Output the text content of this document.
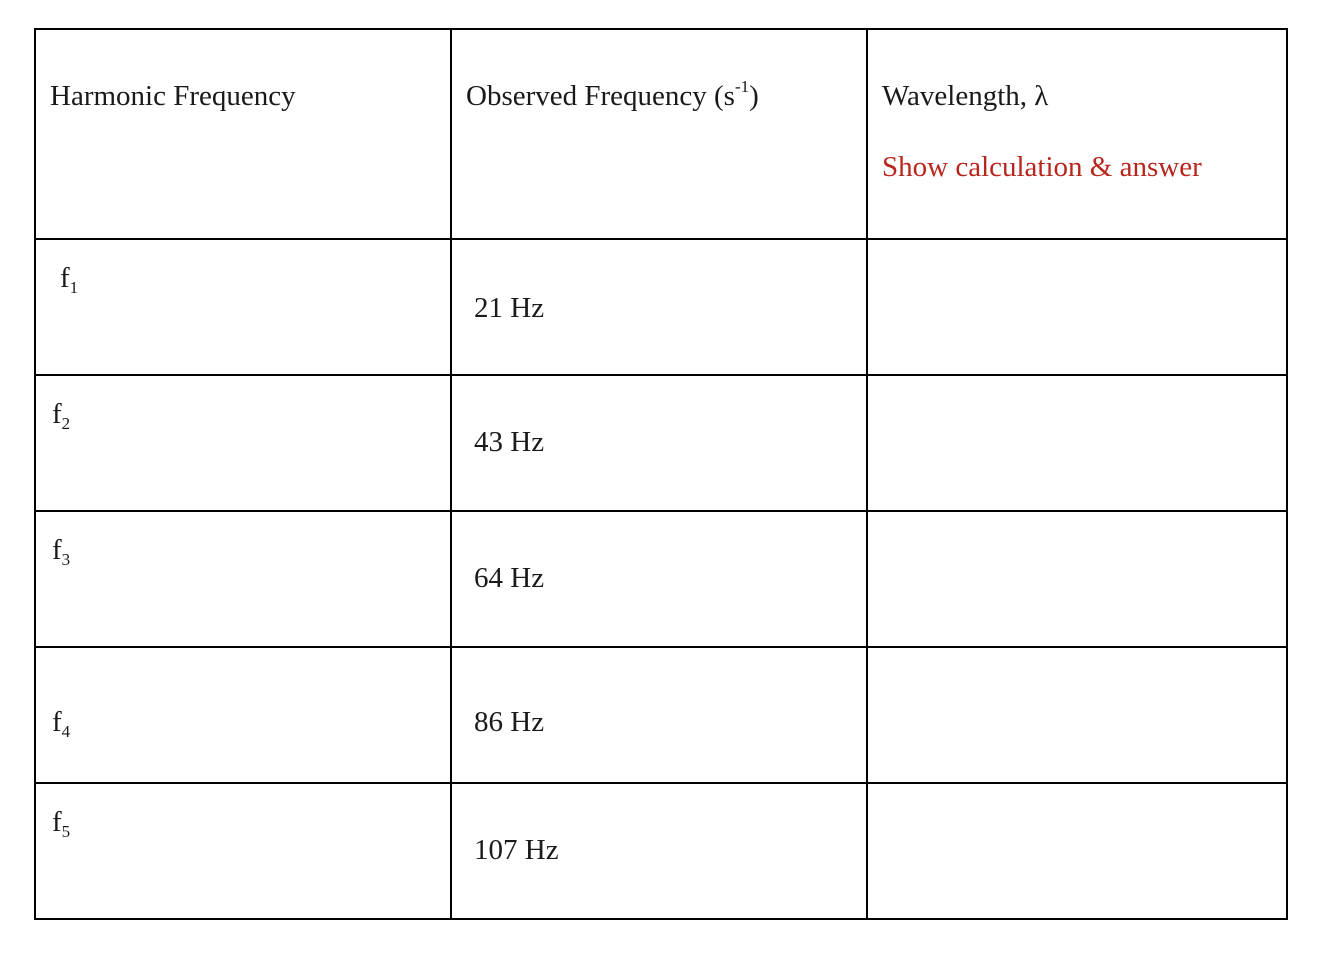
Harmonic Frequency	Observed Frequency $(s^{-1})$	Wavelength, λ
Show calculation & answer

$f_1$	21 Hz	

$f_2$	43 Hz	

$f_3$	64 Hz	

$f_4$	86 Hz	

$f_5$	107 Hz	
